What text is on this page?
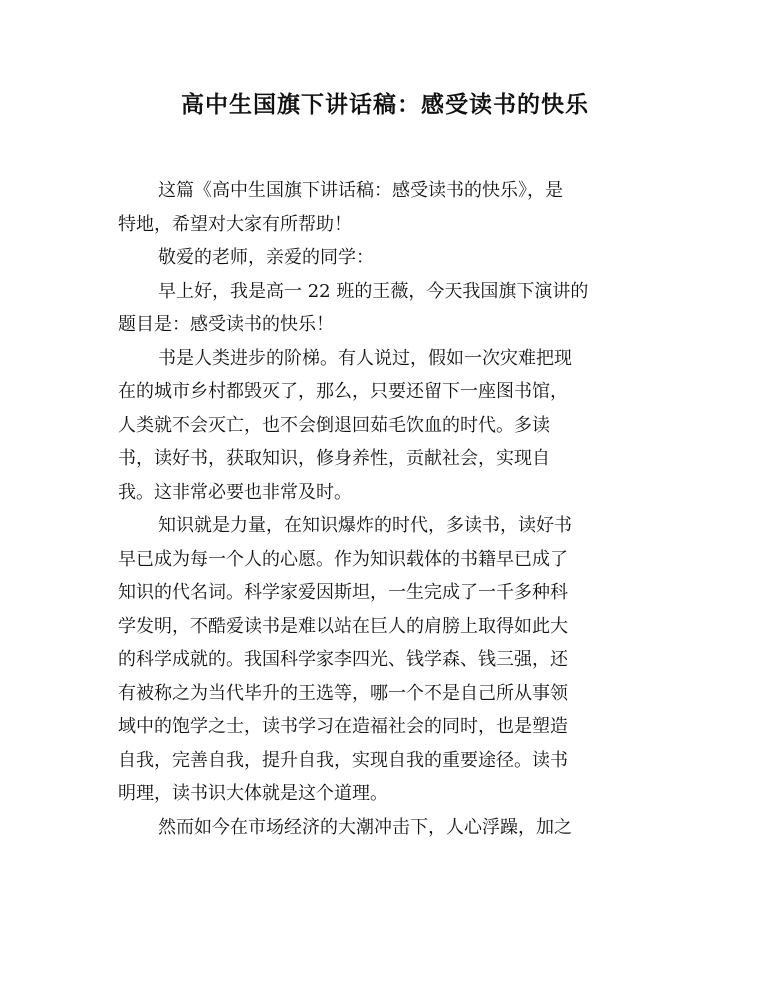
高中生国旗下讲话稿：感受读书的快乐
这篇《高中生国旗下讲话稿：感受读书的快乐》，是
特地，希望对大家有所帮助！
敬爱的老师，亲爱的同学：
早上好，我是高一 22 班的王薇，今天我国旗下演讲的
题目是：感受读书的快乐！
书是人类进步的阶梯。有人说过，假如一次灾难把现
在的城市乡村都毁灭了，那么，只要还留下一座图书馆，
人类就不会灭亡，也不会倒退回茹毛饮血的时代。多读
书，读好书，获取知识，修身养性，贡献社会，实现自
我。这非常必要也非常及时。
知识就是力量，在知识爆炸的时代，多读书，读好书
早已成为每一个人的心愿。作为知识载体的书籍早已成了
知识的代名词。科学家爱因斯坦，一生完成了一千多种科
学发明，不酷爱读书是难以站在巨人的肩膀上取得如此大
的科学成就的。我国科学家李四光、钱学森、钱三强，还
有被称之为当代毕升的王选等，哪一个不是自己所从事领
域中的饱学之士，读书学习在造福社会的同时，也是塑造
自我，完善自我，提升自我，实现自我的重要途径。读书
明理，读书识大体就是这个道理。
然而如今在市场经济的大潮冲击下，人心浮躁，加之
